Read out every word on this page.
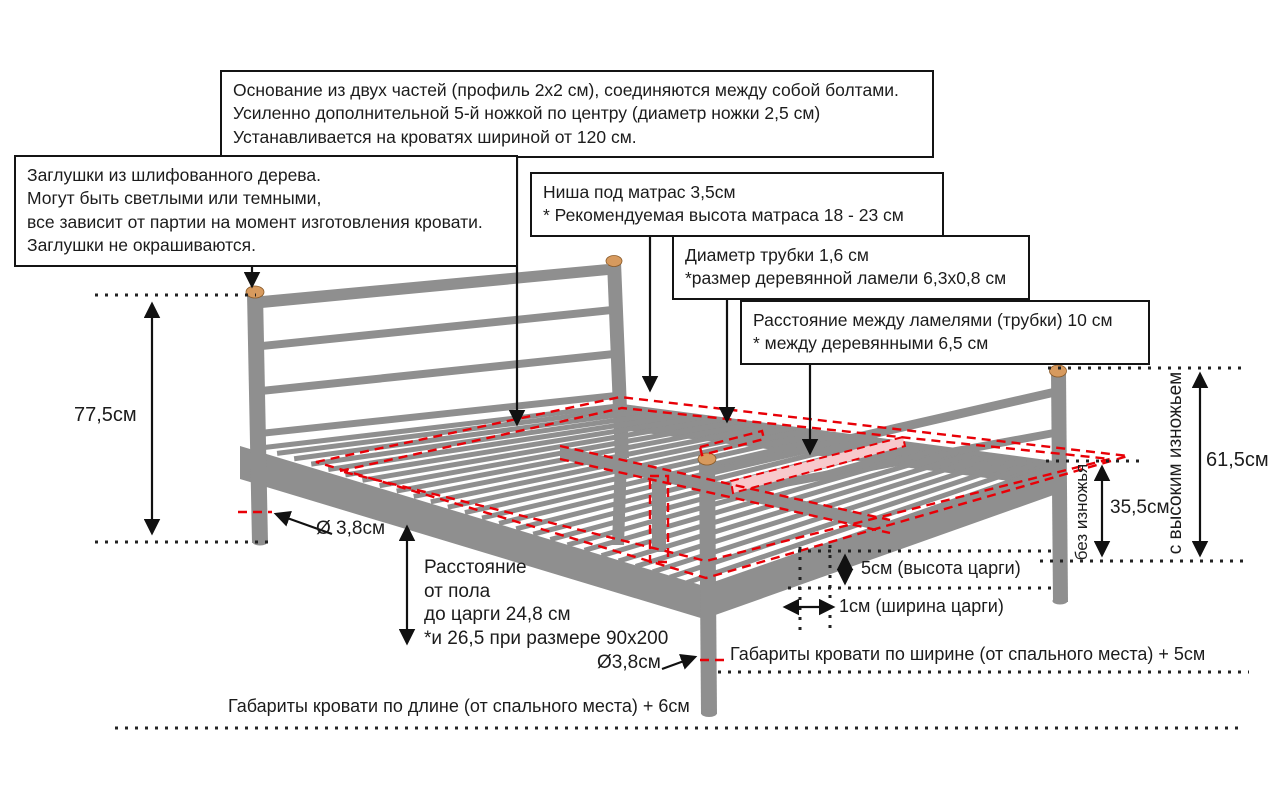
Основание из двух частей (профиль 2х2 см), соединяются между собой болтами.
Усиленно дополнительной 5-й ножкой по центру (диаметр ножки 2,5 см)
Устанавливается на кроватях шириной от 120 см.
Заглушки из шлифованного дерева.
Могут быть светлыми или темными,
все зависит от партии на момент изготовления кровати.
Заглушки не окрашиваются.
Ниша под матрас 3,5см
* Рекомендуемая высота матраса 18 - 23 см
Диаметр трубки 1,6 см
*размер деревянной ламели 6,3х0,8 см
Расстояние между ламелями (трубки) 10 см
* между деревянными 6,5 см
77,5см
Ø 3,8см
Расстояние
от пола
до царги 24,8 см
*и 26,5 при размере 90х200
5см (высота царги)
1см (ширина царги)
без изножья 35,5см
с высоким изножьем 61,5см
Ø3,8см	Габариты кровати по ширине (от спального места) + 5см
Габариты кровати по длине (от спального места) + 6см
